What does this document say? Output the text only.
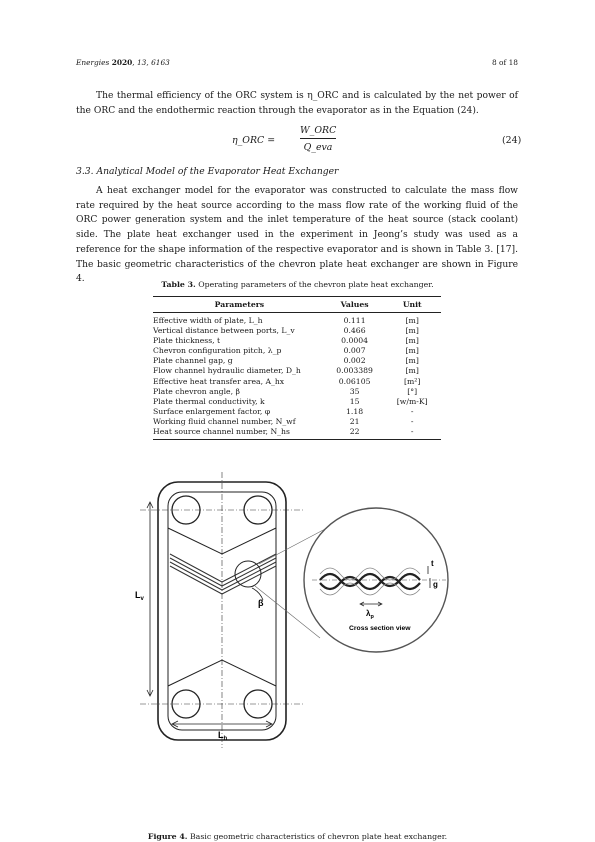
Energies 2020, 13, 6163	8 of 18

The thermal efficiency of the ORC system is η_ORC and is calculated by the net power of the ORC and the endothermic reaction through the evaporator as in the Equation (24).

η_ORC =
W_ORC
Q_eva
(24)
3.3. Analytical Model of the Evaporator Heat Exchanger

A heat exchanger model for the evaporator was constructed to calculate the mass flow rate required by the heat source according to the mass flow rate of the working fluid of the ORC power generation system and the inlet temperature of the heat source (stack coolant) side. The plate heat exchanger used in the experiment in Jeong’s study was used as a reference for the shape information of the respective evaporator and is shown in Table 3. [17]. The basic geometric characteristics of the chevron plate heat exchanger are shown in Figure 4.

Table 3. Operating parameters of the chevron plate heat exchanger.
Parameters	Values	Unit
Effective width of plate, L_h	0.111	[m]
Vertical distance between ports, L_v	0.466	[m]
Plate thickness, t	0.0004	[m]
Chevron configuration pitch, λ_p	0.007	[m]
Plate channel gap, g	0.002	[m]
Flow channel hydraulic diameter, D_h	0.003389	[m]
Effective heat transfer area, A_hx	0.06105	[m²]
Plate chevron angle, β	35	[°]
Plate thermal conductivity, k	15	[w/m-K]
Surface enlargement factor, φ	1.18	-
Working fluid channel number, N_wf	21	-
Heat source channel number, N_hs	22	-
$L_v$
$L_h$
β
t
g
$\lambda_p$
Cross section view
Figure 4. Basic geometric characteristics of chevron plate heat exchanger.
